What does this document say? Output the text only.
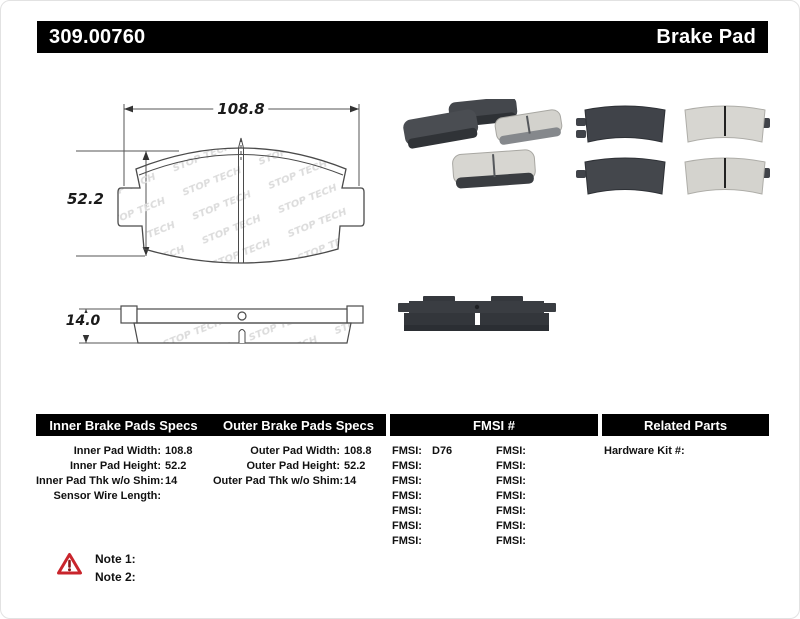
309.00760	Brake Pad
108.8
52.2
14.0
Inner Brake Pads Specs	Outer Brake Pads Specs	FMSI #	Related Parts
Inner Pad Width: 108.8
Inner Pad Height: 52.2
Inner Pad Thk w/o Shim: 14
Sensor Wire Length:
Outer Pad Width: 108.8
Outer Pad Height: 52.2
Outer Pad Thk w/o Shim: 14
FMSI: D76
FMSI:
FMSI:
FMSI:
FMSI:
FMSI:
FMSI:
FMSI:
FMSI:
FMSI:
FMSI:
FMSI:
FMSI:
FMSI:
Hardware Kit #:
Note 1:
Note 2:
